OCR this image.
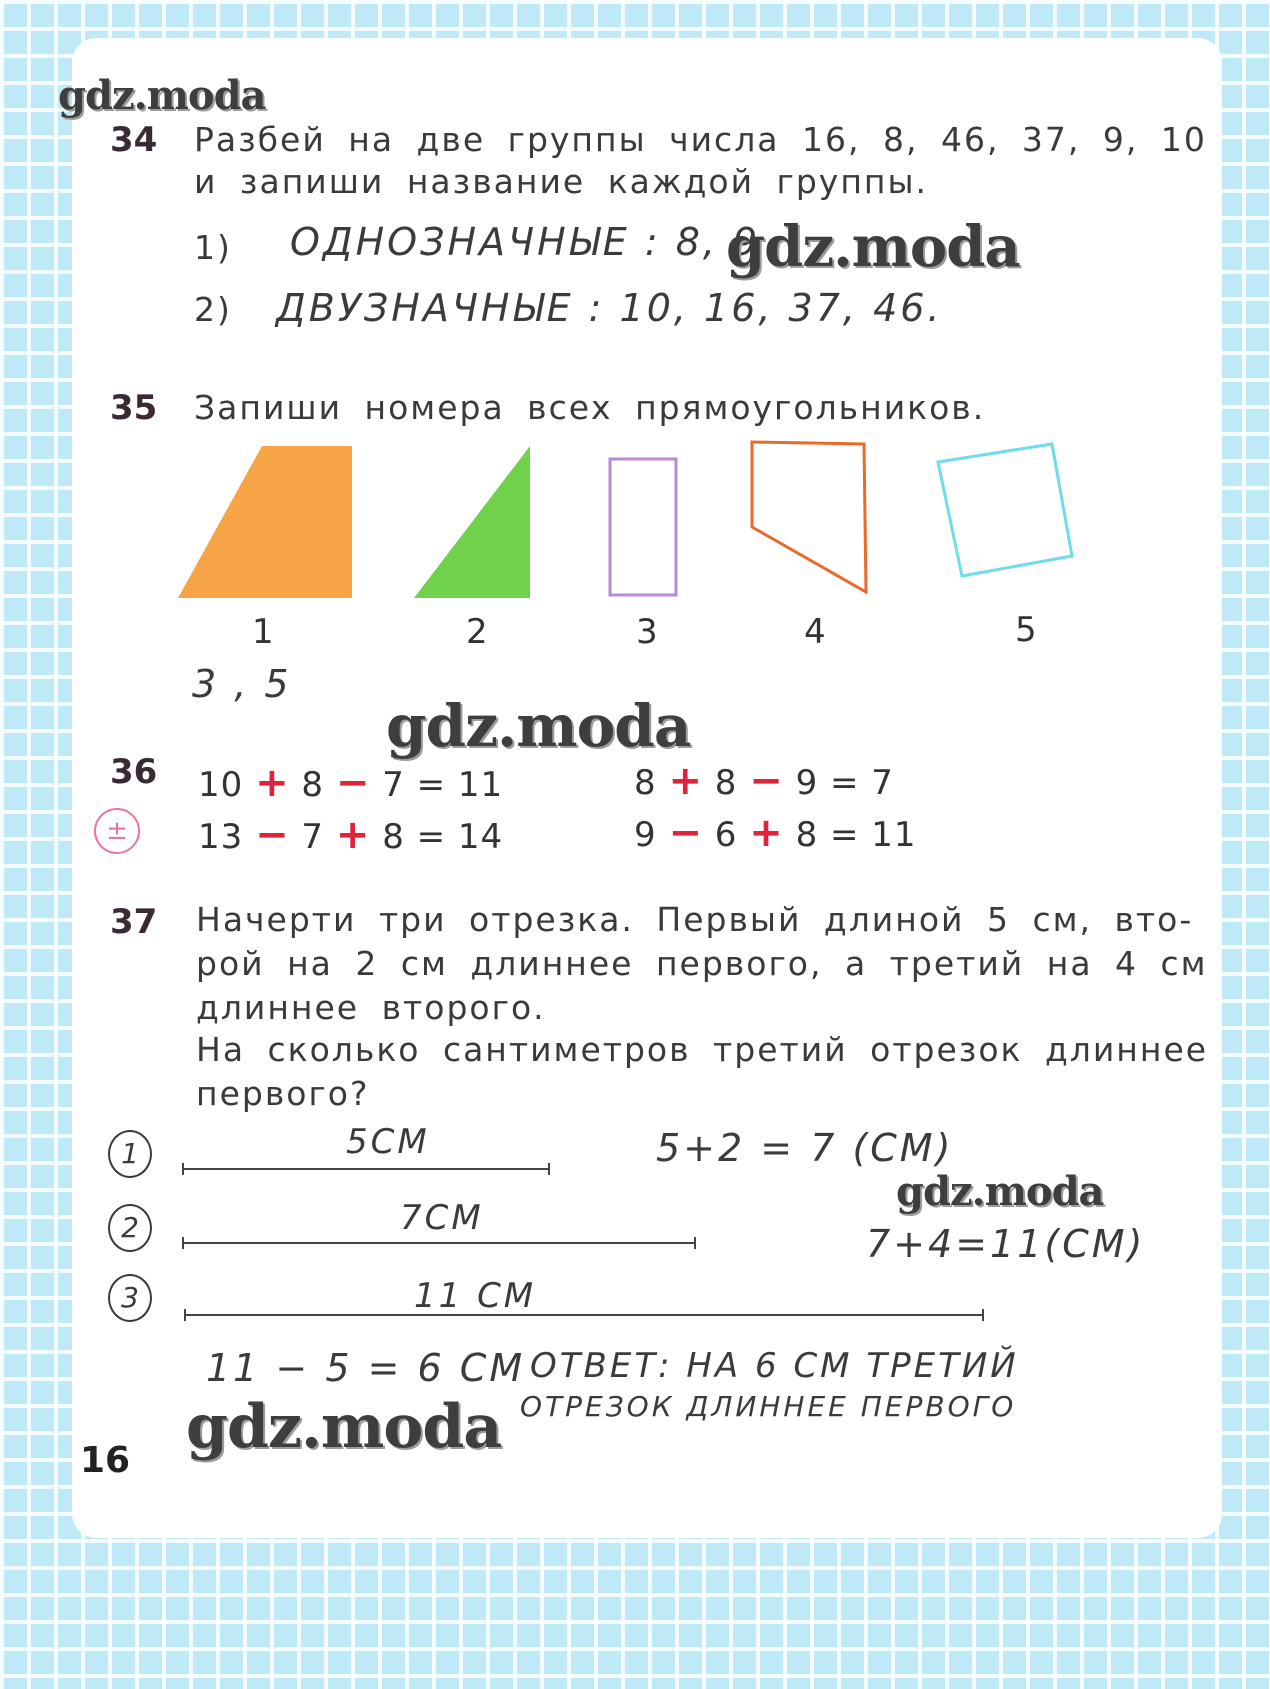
gdz.moda
34 Разбей на две группы числа 16, 8, 46, 37, 9, 10
и запиши название каждой группы.
1) ОДНОЗНАЧНЫЕ : 8, 9
gdz.moda
2) ДВУЗНАЧНЫЕ : 10, 16, 37, 46.
35 Запиши номера всех прямоугольников.
1	2	3	4	5
3 , 5
gdz.moda
36
±
10 + 8 − 7 = 11	8 + 8 − 9 = 7
13 − 7 + 8 = 14	9 − 6 + 8 = 11
37 Начерти три отрезка. Первый длиной 5 см, вто-
рой на 2 см длиннее первого, а третий на 4 см
длиннее второго.
На сколько сантиметров третий отрезок длиннее
первого?
1	5СМ	5+2 = 7 (СМ)
gdz.moda
2	7СМ
7+4=11(СМ)
3	11 СМ
11 − 5 = 6 СМ ОТВЕТ: НА 6 СМ ТРЕТИЙ
ОТРЕЗОК ДЛИННЕЕ ПЕРВОГО
gdz.moda
16
